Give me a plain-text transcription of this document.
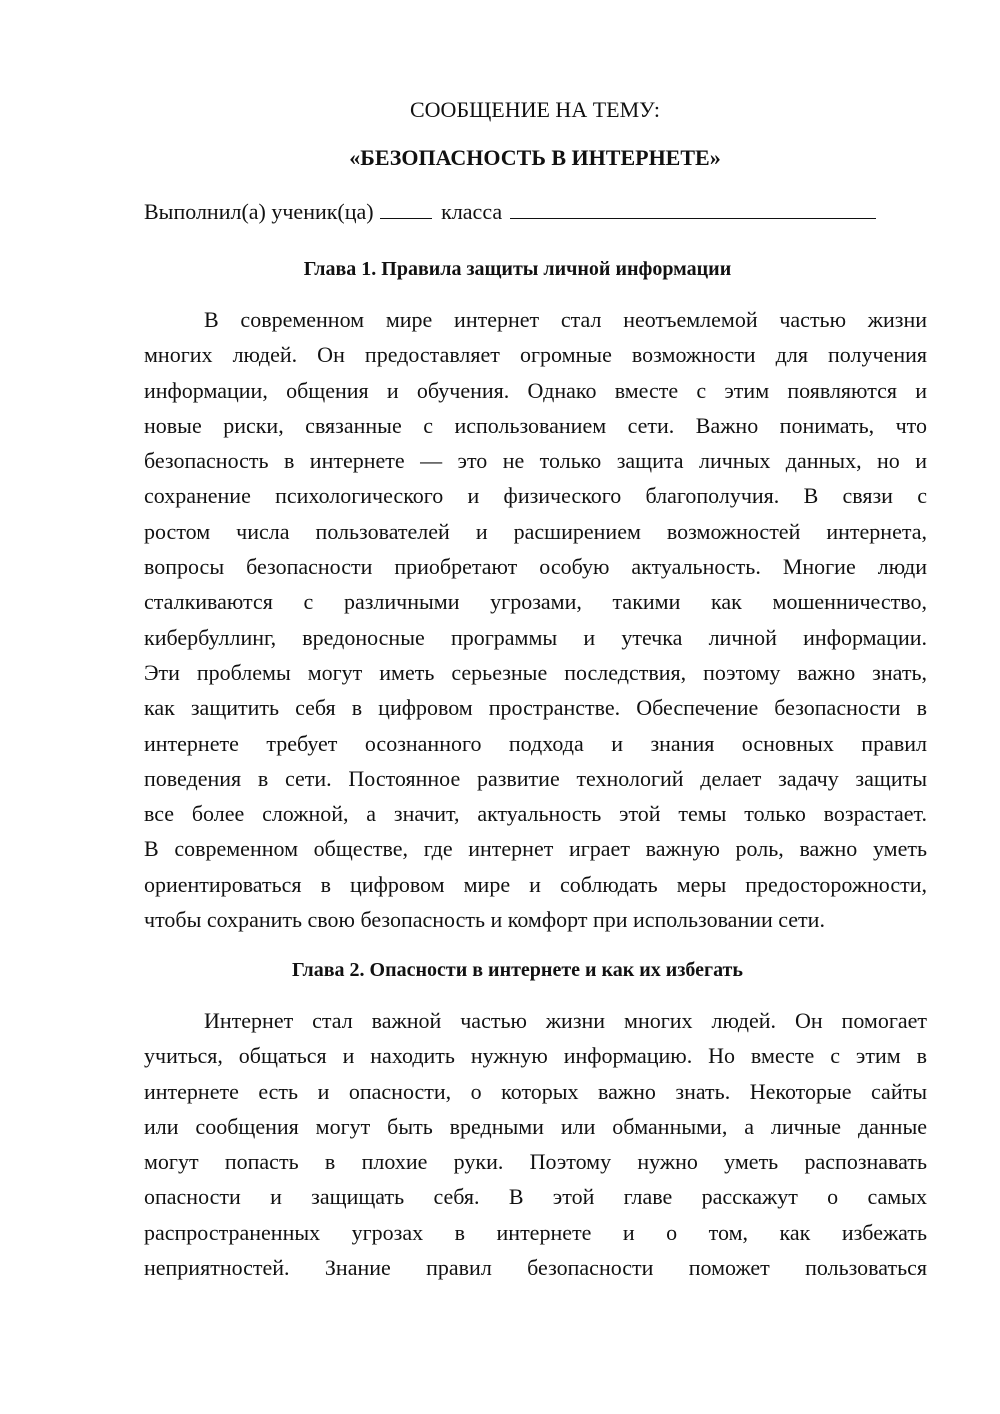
СООБЩЕНИЕ НА ТЕМУ:
«БЕЗОПАСНОСТЬ В ИНТЕРНЕТЕ»
Выполнил(а) ученик(ца)	класса
Глава 1. Правила защиты личной информации
В современном мире интернет стал неотъемлемой частью жизни
многих людей. Он предоставляет огромные возможности для получения
информации, общения и обучения. Однако вместе с этим появляются и
новые риски, связанные с использованием сети. Важно понимать, что
безопасность в интернете — это не только защита личных данных, но и
сохранение психологического и физического благополучия. В связи с
ростом числа пользователей и расширением возможностей интернета,
вопросы безопасности приобретают особую актуальность. Многие люди
сталкиваются с различными угрозами, такими как мошенничество,
кибербуллинг, вредоносные программы и утечка личной информации.
Эти проблемы могут иметь серьезные последствия, поэтому важно знать,
как защитить себя в цифровом пространстве. Обеспечение безопасности в
интернете требует осознанного подхода и знания основных правил
поведения в сети. Постоянное развитие технологий делает задачу защиты
все более сложной, а значит, актуальность этой темы только возрастает.
В современном обществе, где интернет играет важную роль, важно уметь
ориентироваться в цифровом мире и соблюдать меры предосторожности,
чтобы сохранить свою безопасность и комфорт при использовании сети.
Глава 2. Опасности в интернете и как их избегать
Интернет стал важной частью жизни многих людей. Он помогает
учиться, общаться и находить нужную информацию. Но вместе с этим в
интернете есть и опасности, о которых важно знать. Некоторые сайты
или сообщения могут быть вредными или обманными, а личные данные
могут попасть в плохие руки. Поэтому нужно уметь распознавать
опасности и защищать себя. В этой главе расскажут о самых
распространенных угрозах в интернете и о том, как избежать
неприятностей. Знание правил безопасности поможет пользоваться
